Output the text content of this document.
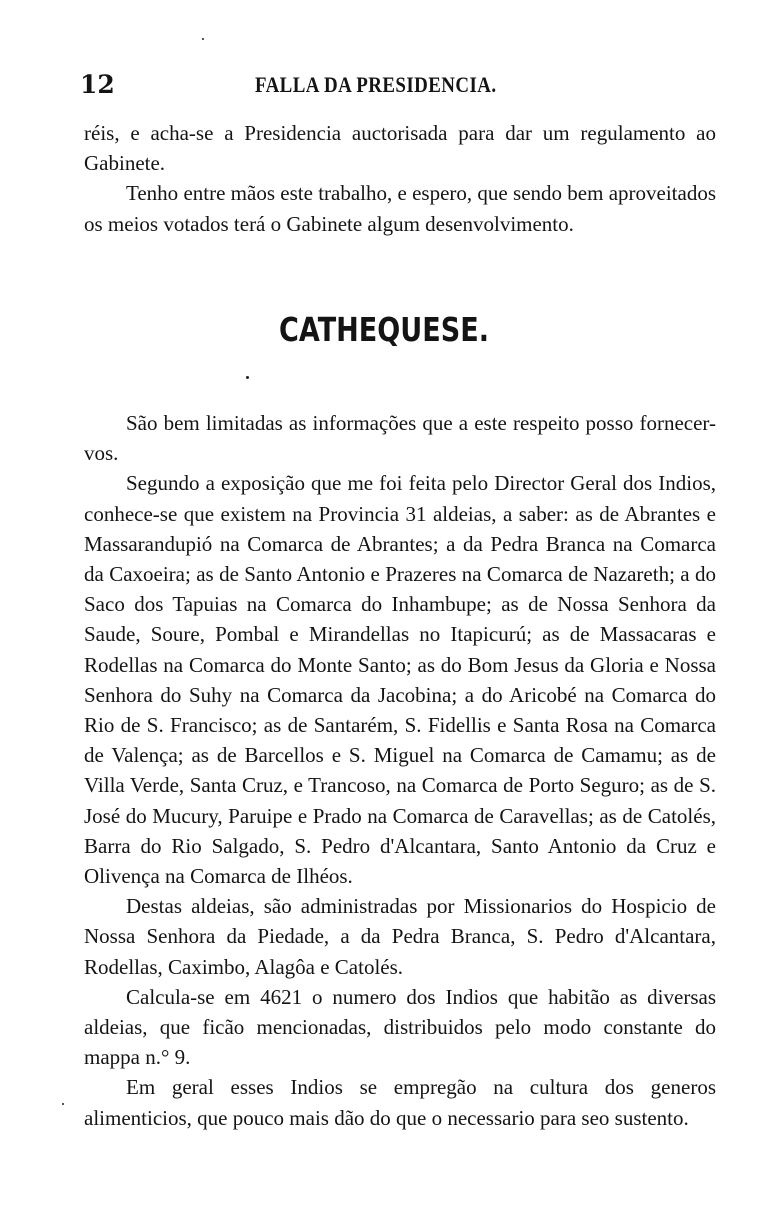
12	FALLA DA PRESIDENCIA.

réis, e acha-se a Presidencia auctorisada para dar um regulamento ao Gabinete.

Tenho entre mãos este trabalho, e espero, que sendo bem aproveitados os meios votados terá o Gabinete algum desenvolvimento.

CATHEQUESE.

São bem limitadas as informações que a este respeito posso fornecer-vos.

Segundo a exposição que me foi feita pelo Director Geral dos Indios, conhece-se que existem na Provincia 31 aldeias, a saber: as de Abrantes e Massarandupió na Comarca de Abrantes; a da Pedra Branca na Comarca da Caxoeira; as de Santo Antonio e Prazeres na Comarca de Nazareth; a do Saco dos Tapuias na Comarca do Inhambupe; as de Nossa Senhora da Saude, Soure, Pombal e Mirandellas no Itapicurú; as de Massacaras e Rodellas na Comarca do Monte Santo; as do Bom Jesus da Gloria e Nossa Senhora do Suhy na Comarca da Jacobina; a do Aricobé na Comarca do Rio de S. Francisco; as de Santarém, S. Fidellis e Santa Rosa na Comarca de Valença; as de Barcellos e S. Miguel na Comarca de Camamu; as de Villa Verde, Santa Cruz, e Trancoso, na Comarca de Porto Seguro; as de S. José do Mucury, Paruipe e Prado na Comarca de Caravellas; as de Catolés, Barra do Rio Salgado, S. Pedro d'Alcantara, Santo Antonio da Cruz e Olivença na Comarca de Ilhéos.

Destas aldeias, são administradas por Missionarios do Hospicio de Nossa Senhora da Piedade, a da Pedra Branca, S. Pedro d'Alcantara, Rodellas, Caximbo, Alagôa e Catolés.

Calcula-se em 4621 o numero dos Indios que habitão as diversas aldeias, que ficão mencionadas, distribuidos pelo modo constante do mappa n.° 9.

Em geral esses Indios se empregão na cultura dos generos alimenticios, que pouco mais dão do que o necessario para seo sustento.
